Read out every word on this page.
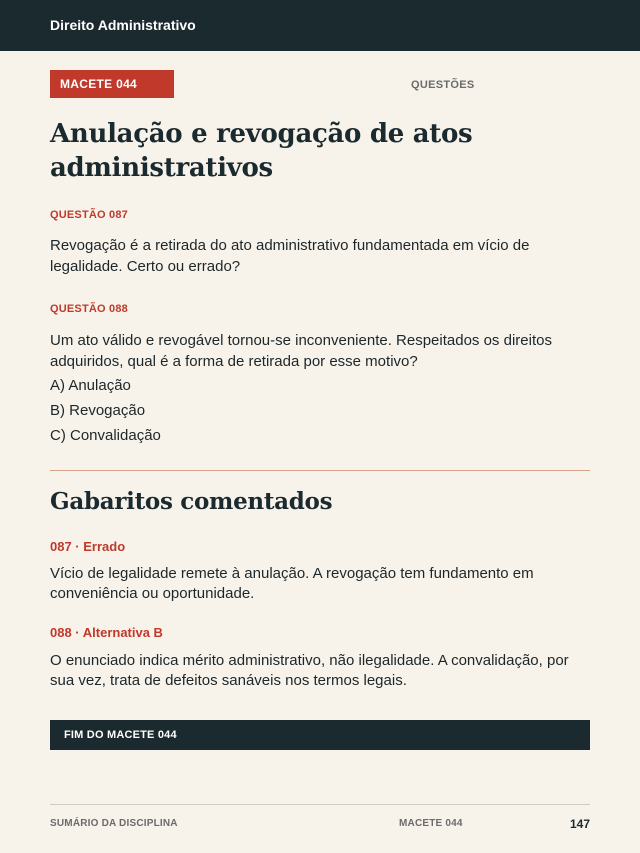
Direito Administrativo
MACETE 044	QUESTÕES
Anulação e revogação de atos administrativos
QUESTÃO 087
Revogação é a retirada do ato administrativo fundamentada em vício de legalidade. Certo ou errado?
QUESTÃO 088
Um ato válido e revogável tornou-se inconveniente. Respeitados os direitos adquiridos, qual é a forma de retirada por esse motivo?
A) Anulação
B) Revogação
C) Convalidação
Gabaritos comentados
087 · Errado
Vício de legalidade remete à anulação. A revogação tem fundamento em conveniência ou oportunidade.
088 · Alternativa B
O enunciado indica mérito administrativo, não ilegalidade. A convalidação, por sua vez, trata de defeitos sanáveis nos termos legais.
FIM DO MACETE 044
SUMÁRIO DA DISCIPLINA	MACETE 044	147
